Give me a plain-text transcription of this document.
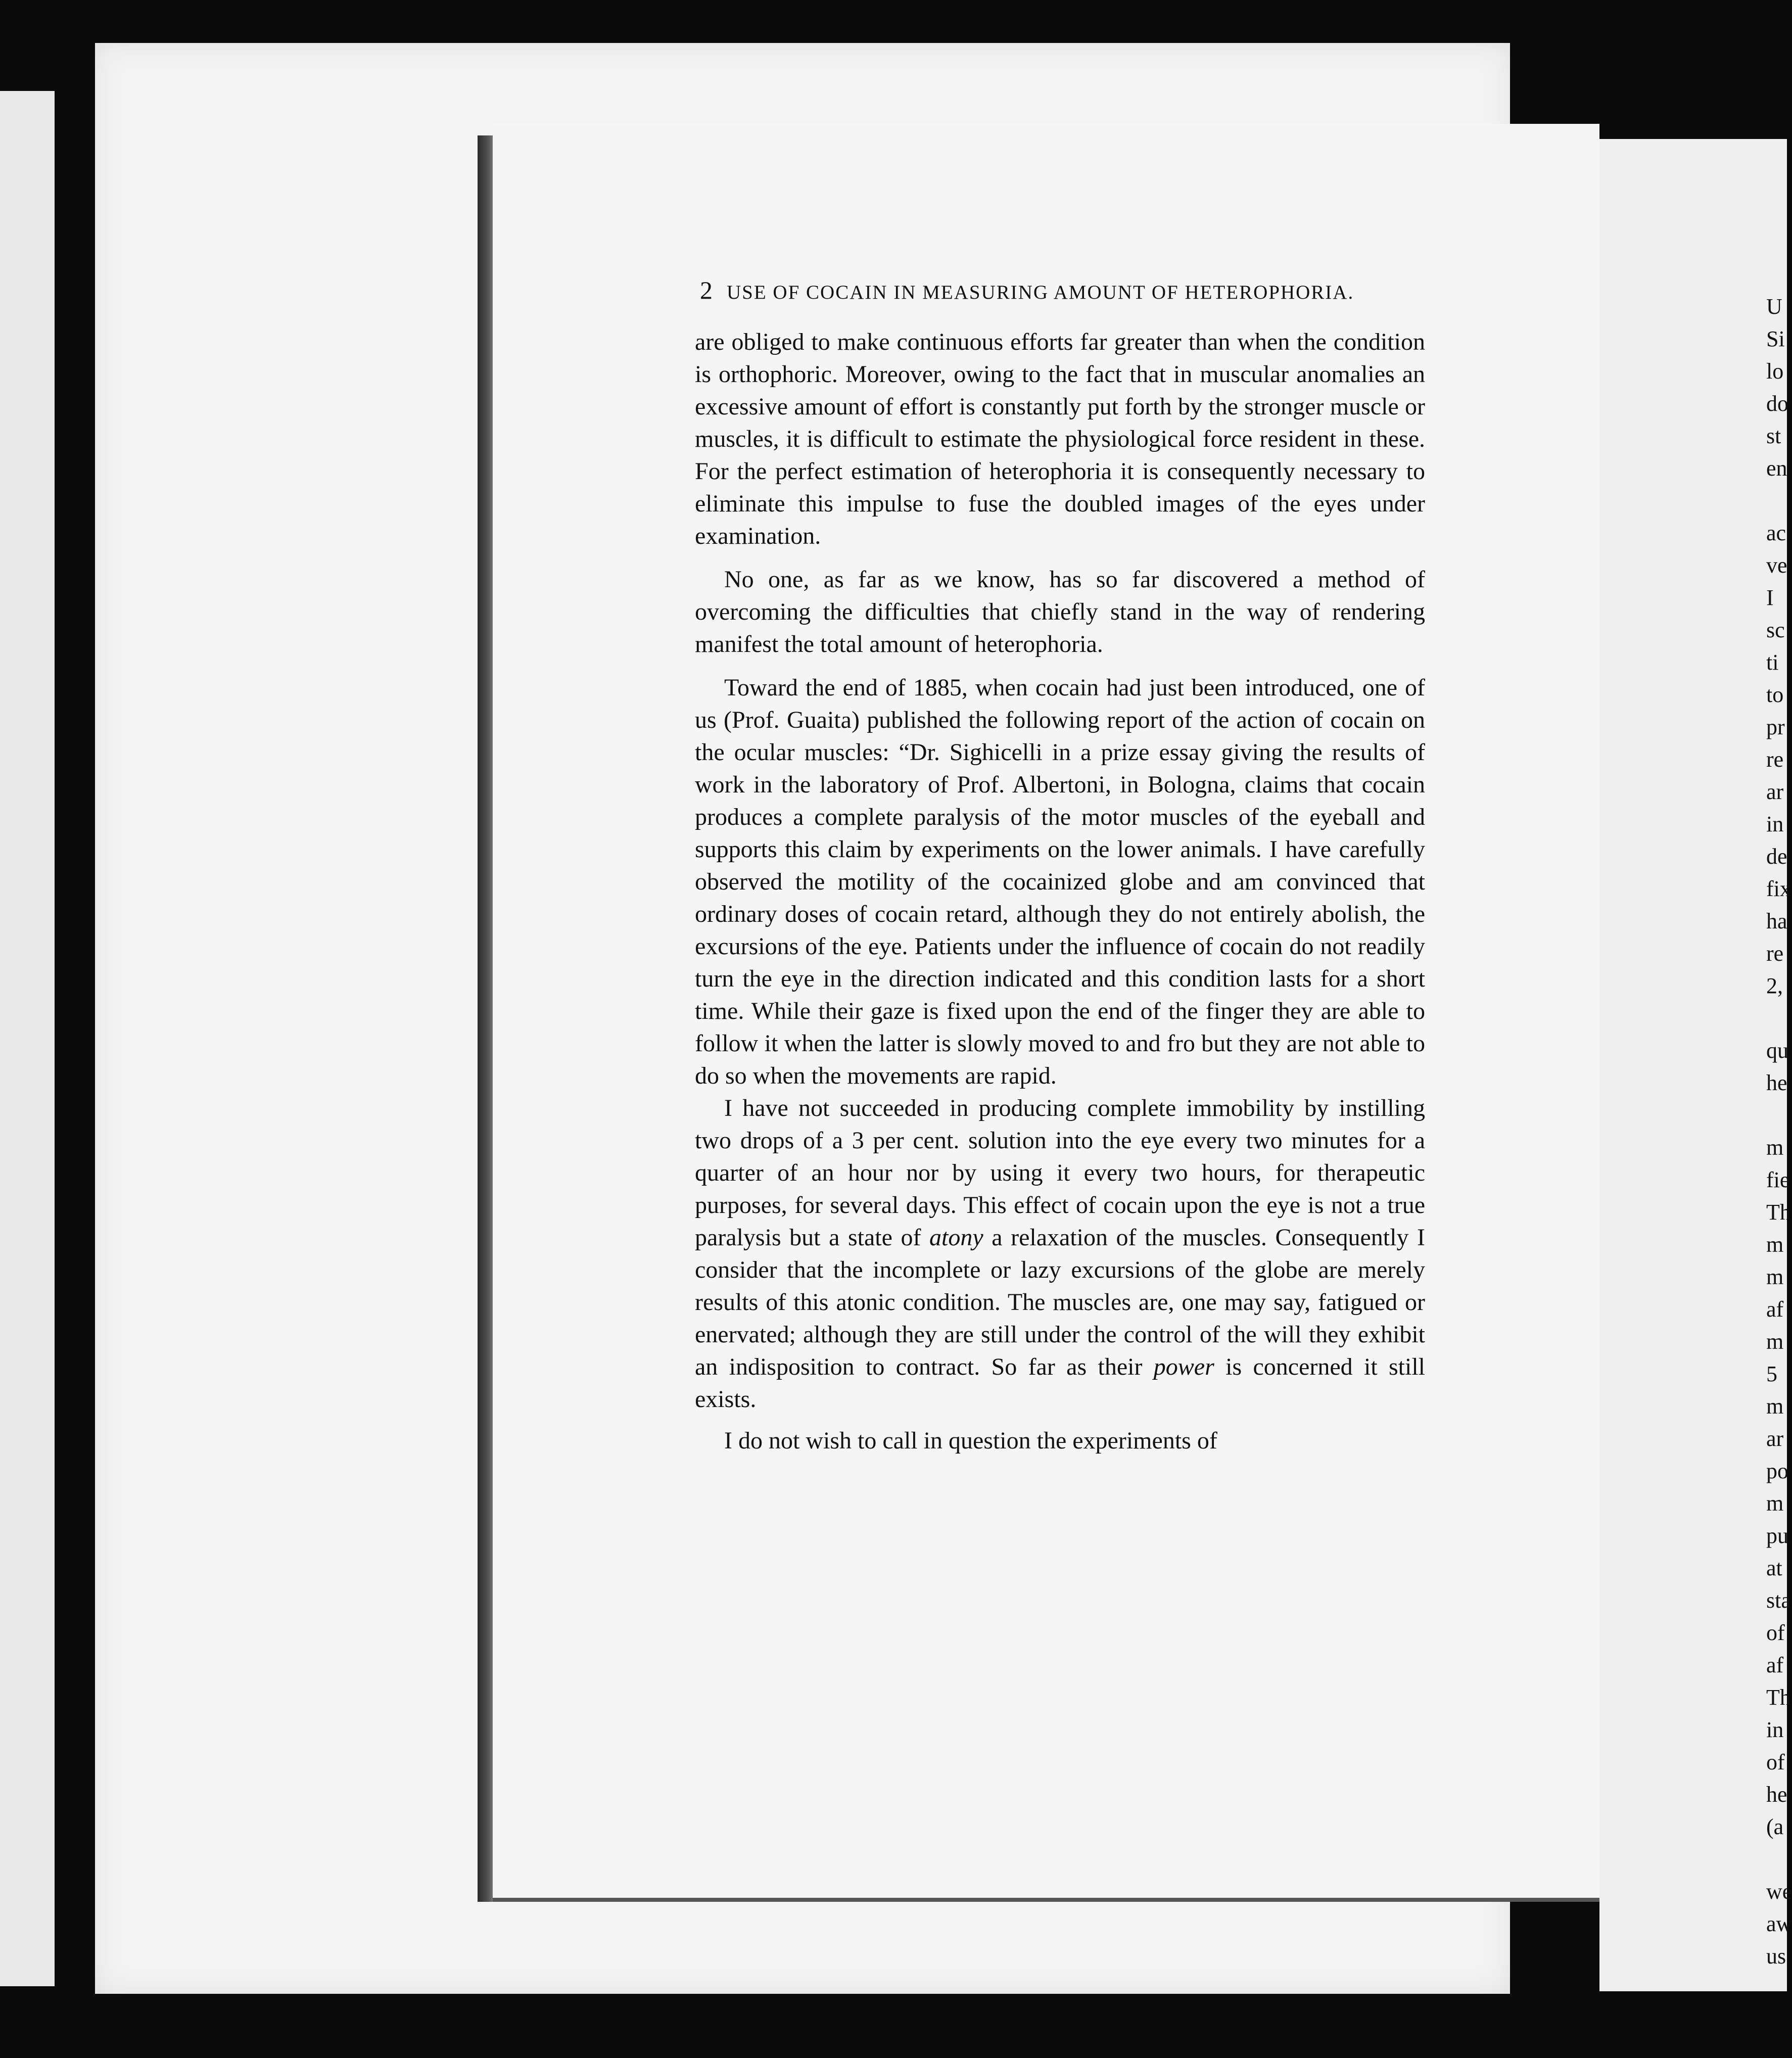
U
Si
lo
do
st
en

ac
ve
I
sc
ti
to
pr
re
ar
in
de
fix
ha
re
2,

qu
he

m
fie
Th
m
m
af
m
5
m
ar
po
m
pu
at
sta
of
af
Th
in
of
he
(a

we
aw
us
2 USE OF COCAIN IN MEASURING AMOUNT OF HETEROPHORIA.

are obliged to make continuous efforts far greater than when the condition is orthophoric. Moreover, owing to the fact that in muscular anomalies an excessive amount of effort is constantly put forth by the stronger muscle or muscles, it is difficult to estimate the physiological force resident in these. For the perfect estimation of heterophoria it is consequently necessary to eliminate this impulse to fuse the doubled images of the eyes under examination.

No one, as far as we know, has so far discovered a method of overcoming the difficulties that chiefly stand in the way of rendering manifest the total amount of heterophoria.

Toward the end of 1885, when cocain had just been introduced, one of us (Prof. Guaita) published the following report of the action of cocain on the ocular muscles: “Dr. Sighicelli in a prize essay giving the results of work in the laboratory of Prof. Albertoni, in Bologna, claims that cocain produces a complete paralysis of the motor muscles of the eyeball and supports this claim by experiments on the lower animals. I have carefully observed the motility of the cocainized globe and am convinced that ordinary doses of cocain retard, although they do not entirely abolish, the excursions of the eye. Patients under the influence of cocain do not readily turn the eye in the direction indicated and this condition lasts for a short time. While their gaze is fixed upon the end of the finger they are able to follow it when the latter is slowly moved to and fro but they are not able to do so when the movements are rapid.

I have not succeeded in producing complete immobility by instilling two drops of a 3 per cent. solution into the eye every two minutes for a quarter of an hour nor by using it every two hours, for therapeutic purposes, for several days. This effect of cocain upon the eye is not a true paralysis but a state of atony a relaxation of the muscles. Consequently I consider that the incomplete or lazy excursions of the globe are merely results of this atonic condition. The muscles are, one may say, fatigued or enervated; although they are still under the control of the will they exhibit an indisposition to contract. So far as their power is concerned it still exists.

I do not wish to call in question the experiments of
